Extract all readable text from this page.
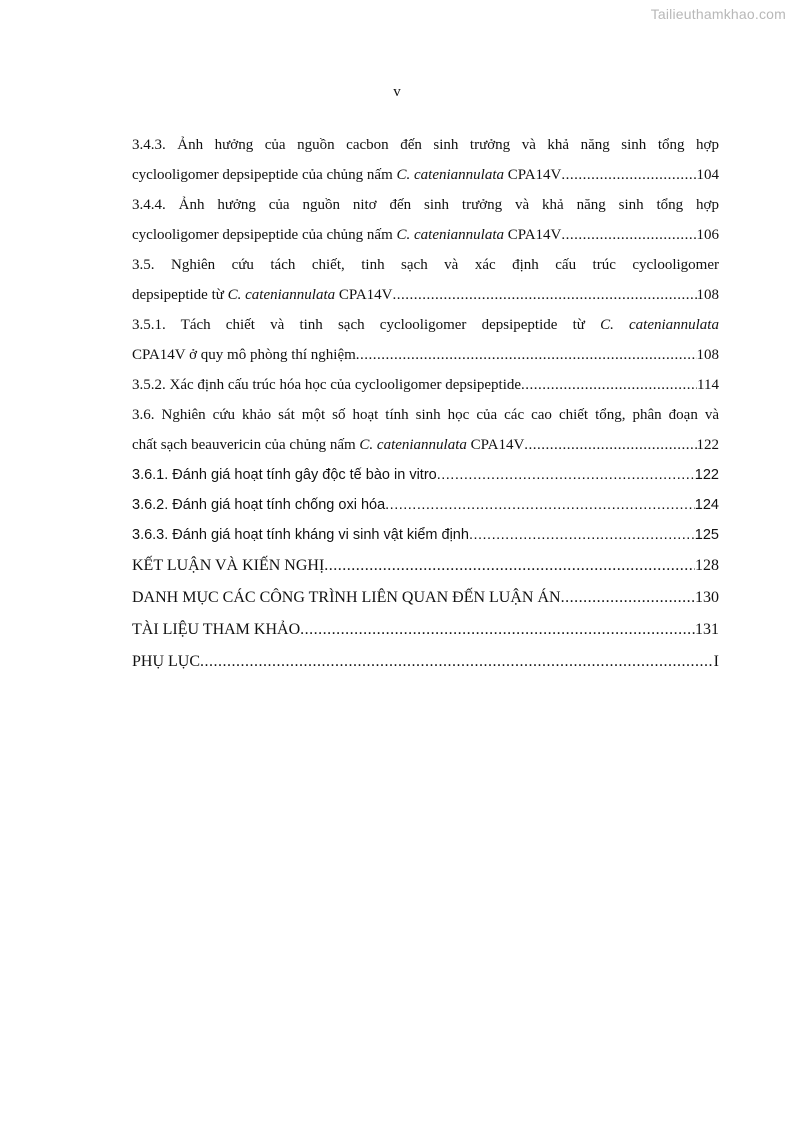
Tailieuthamkhao.com
v
3.4.3. Ảnh hưởng của nguồn cacbon đến sinh trưởng và khả năng sinh tổng hợp
cyclooligomer depsipeptide của chủng nấm C. cateniannulata CPA14V .....	104
3.4.4. Ảnh hưởng của nguồn nitơ đến sinh trưởng và khả năng sinh tổng hợp
cyclooligomer depsipeptide của chủng nấm C. cateniannulata CPA14V .....	106
3.5. Nghiên cứu tách chiết, tinh sạch và xác định cấu trúc cyclooligomer
depsipeptide từ C. cateniannulata CPA14V .....	108
3.5.1. Tách chiết và tinh sạch cyclooligomer depsipeptide từ C. cateniannulata
CPA14V ở quy mô phòng thí nghiệm .....	108
3.5.2. Xác định cấu trúc hóa học của cyclooligomer depsipeptide .....	114
3.6. Nghiên cứu khảo sát một số hoạt tính sinh học của các cao chiết tổng, phân đoạn và
chất sạch beauvericin của chủng nấm C. cateniannulata CPA14V .....	122
3.6.1. Đánh giá hoạt tính gây độc tế bào in vitro .....	122
3.6.2. Đánh giá hoạt tính chống oxi hóa .....	124
3.6.3. Đánh giá hoạt tính kháng vi sinh vật kiểm định .....	125
KẾT LUẬN VÀ KIẾN NGHỊ .....	128
DANH MỤC CÁC CÔNG TRÌNH LIÊN QUAN ĐẾN LUẬN ÁN .....	130
TÀI LIỆU THAM KHẢO .....	131
PHỤ LỤC .....	I
